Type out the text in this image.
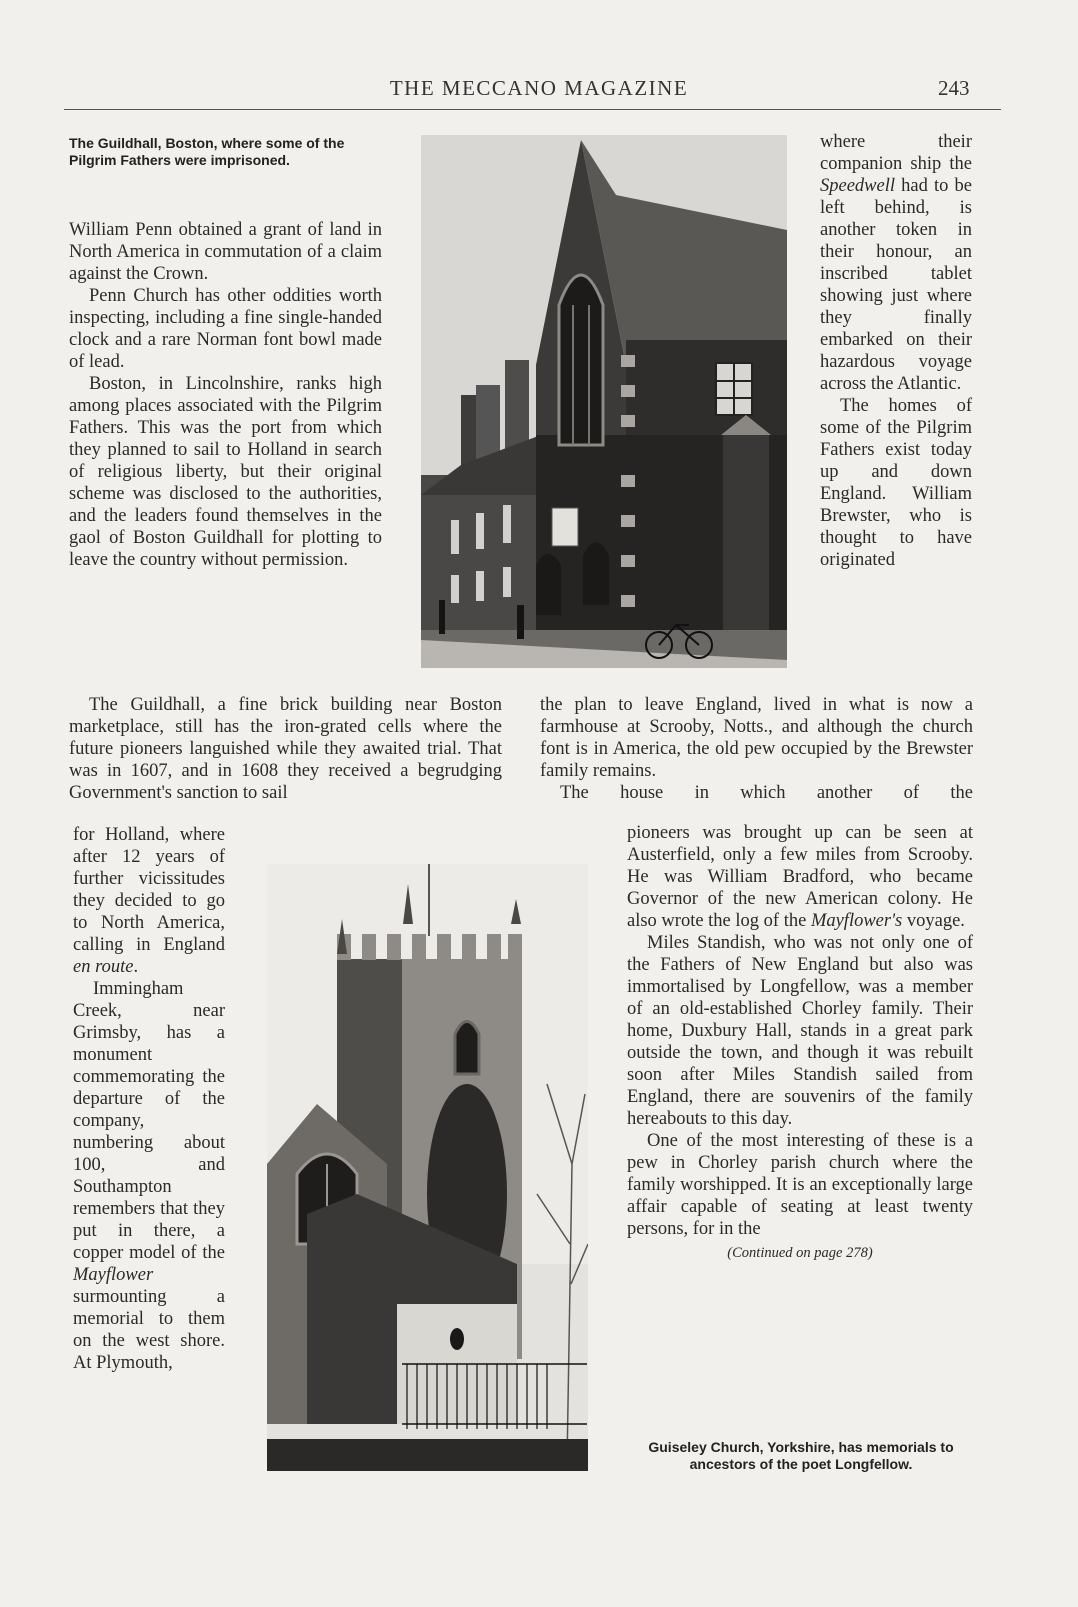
THE MECCANO MAGAZINE	243
The Guildhall, Boston, where some of the Pilgrim Fathers were imprisoned.

William Penn obtained a grant of land in North America in commutation of a claim against the Crown.

Penn Church has other oddities worth inspecting, including a fine single-handed clock and a rare Norman font bowl made of lead.

Boston, in Lincolnshire, ranks high among places associated with the Pilgrim Fathers. This was the port from which they planned to sail to Holland in search of religious liberty, but their original scheme was disclosed to the authorities, and the leaders found themselves in the gaol of Boston Guildhall for plotting to leave the country without permission.

where their companion ship the Speedwell had to be left behind, is another token in their honour, an inscribed tablet showing just where they finally embarked on their hazardous voyage across the Atlantic.

The homes of some of the Pilgrim Fathers exist today up and down England. William Brewster, who is thought to have originated

The Guildhall, a fine brick building near Boston marketplace, still has the iron-grated cells where the future pioneers languished while they awaited trial. That was in 1607, and in 1608 they received a begrudging Government's sanction to sail

the plan to leave England, lived in what is now a farmhouse at Scrooby, Notts., and although the church font is in America, the old pew occupied by the Brewster family remains.

The house in which another of the

for Holland, where after 12 years of further vicissitudes they decided to go to North America, calling in England en route.

Immingham Creek, near Grimsby, has a monument commemorating the departure of the company, numbering about 100, and Southampton remembers that they put in there, a copper model of the Mayflower surmounting a memorial to them on the west shore. At Plymouth,

pioneers was brought up can be seen at Austerfield, only a few miles from Scrooby. He was William Bradford, who became Governor of the new American colony. He also wrote the log of the Mayflower's voyage.

Miles Standish, who was not only one of the Fathers of New England but also was immortalised by Longfellow, was a member of an old-established Chorley family. Their home, Duxbury Hall, stands in a great park outside the town, and though it was rebuilt soon after Miles Standish sailed from England, there are souvenirs of the family hereabouts to this day.

One of the most interesting of these is a pew in Chorley parish church where the family worshipped. It is an exceptionally large affair capable of seating at least twenty persons, for in the

(Continued on page 278)
Guiseley Church, Yorkshire, has memorials to ancestors of the poet Longfellow.
